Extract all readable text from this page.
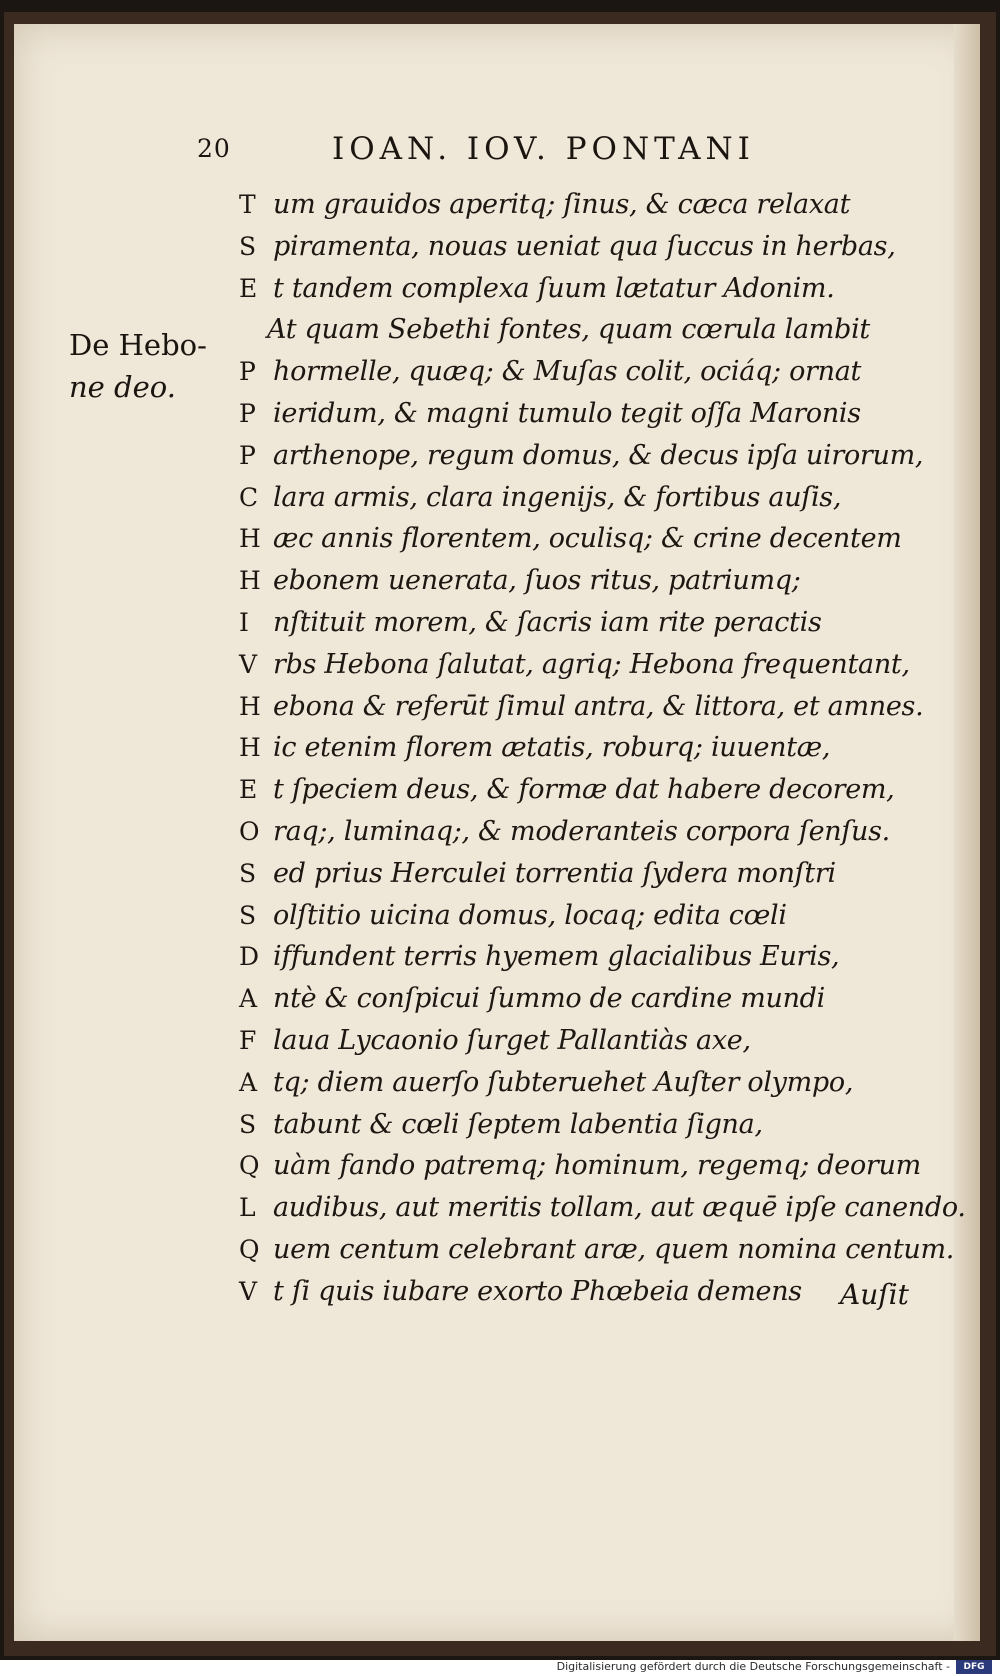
20	IOAN. IOV. PONTANI
De Hebo-
ne deo.
T um grauidos aperitq; ſinus, & cæca relaxat
S piramenta, nouas ueniat qua ſuccus in herbas,
E t tandem complexa ſuum lætatur Adonim.
At quam Sebethi fontes, quam cœrula lambit
P hormelle, quæq; & Muſas colit, ociáq; ornat
P ieridum, & magni tumulo tegit oſſa Maronis
P arthenope, regum domus, & decus ipſa uirorum,
C lara armis, clara ingenijs, & fortibus auſis,
H æc annis florentem, oculisq; & crine decentem
H ebonem uenerata, ſuos ritus, patriumq;
I nſtituit morem, & ſacris iam rite peractis
V rbs Hebona ſalutat, agriq; Hebona frequentant,
H ebona & referūt ſimul antra, & littora, et amnes.
H ic etenim florem ætatis, roburq; iuuentæ,
E t ſpeciem deus, & formæ dat habere decorem,
O raq;, luminaq;, & moderanteis corpora ſenſus.
S ed prius Herculei torrentia ſydera monſtri
S olſtitio uicina domus, locaq; edita cœli
D iffundent terris hyemem glacialibus Euris,
A ntè & conſpicui ſummo de cardine mundi
F laua Lycaonio ſurget Pallantiàs axe,
A tq; diem auerſo ſubteruehet Auſter olympo,
S tabunt & cœli ſeptem labentia ſigna,
Q uàm fando patremq; hominum, regemq; deorum
L audibus, aut meritis tollam, aut æquē ipſe canendo.
Q uem centum celebrant aræ, quem nomina centum.
V t ſi quis iubare exorto Phœbeia demens	Auſit
Digitalisierung gefördert durch die Deutsche Forschungsgemeinschaft -	DFG
